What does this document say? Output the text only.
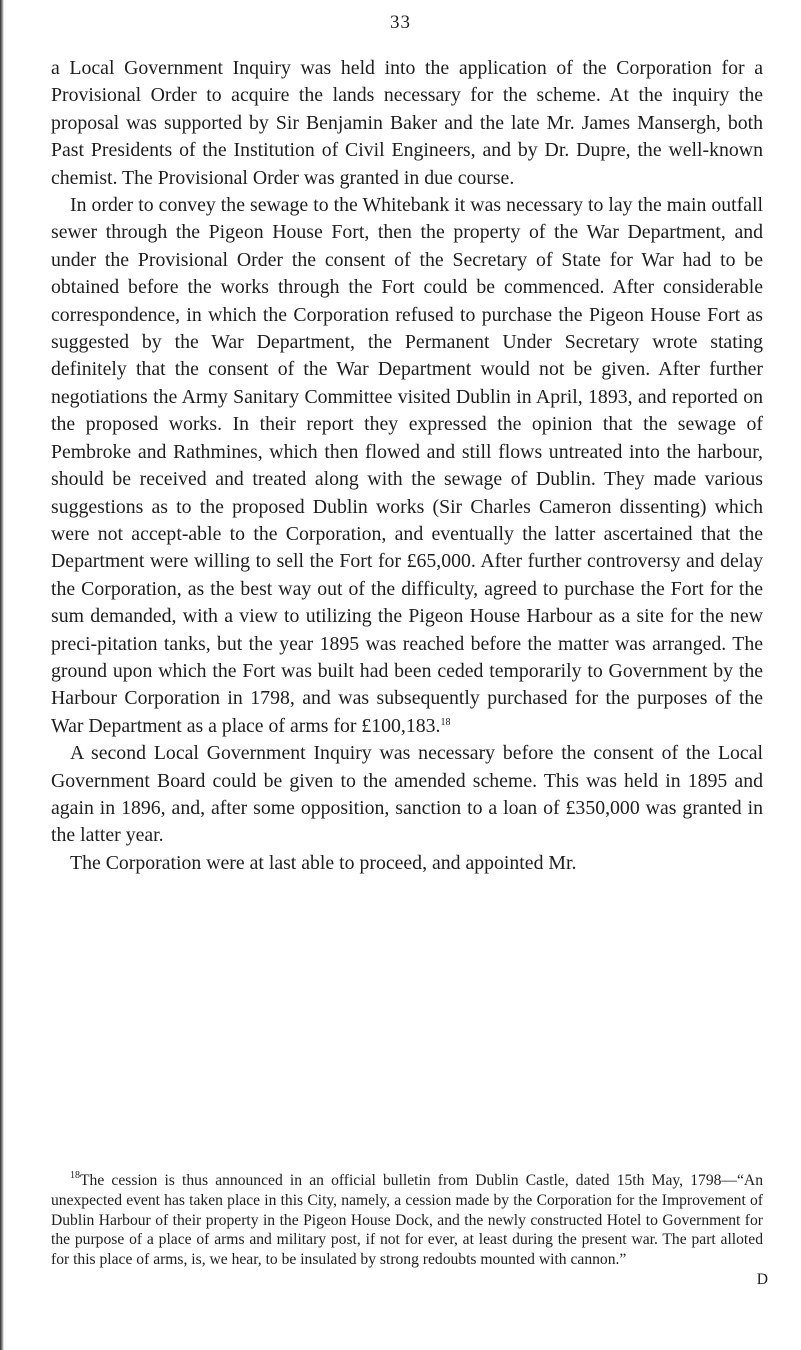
33

a Local Government Inquiry was held into the application of the Corporation for a Provisional Order to acquire the lands necessary for the scheme. At the inquiry the proposal was supported by Sir Benjamin Baker and the late Mr. James Mansergh, both Past Presidents of the Institution of Civil Engineers, and by Dr. Dupre, the well-known chemist. The Provisional Order was granted in due course.

In order to convey the sewage to the Whitebank it was necessary to lay the main outfall sewer through the Pigeon House Fort, then the property of the War Department, and under the Provisional Order the consent of the Secretary of State for War had to be obtained before the works through the Fort could be commenced. After considerable correspondence, in which the Corporation refused to purchase the Pigeon House Fort as suggested by the War Department, the Permanent Under Secretary wrote stating definitely that the consent of the War Department would not be given. After further negotiations the Army Sanitary Committee visited Dublin in April, 1893, and reported on the proposed works. In their report they expressed the opinion that the sewage of Pembroke and Rathmines, which then flowed and still flows untreated into the harbour, should be received and treated along with the sewage of Dublin. They made various suggestions as to the proposed Dublin works (Sir Charles Cameron dissenting) which were not accept-able to the Corporation, and eventually the latter ascertained that the Department were willing to sell the Fort for £65,000. After further controversy and delay the Corporation, as the best way out of the difficulty, agreed to purchase the Fort for the sum demanded, with a view to utilizing the Pigeon House Harbour as a site for the new preci-pitation tanks, but the year 1895 was reached before the matter was arranged. The ground upon which the Fort was built had been ceded temporarily to Government by the Harbour Corporation in 1798, and was subsequently purchased for the purposes of the War Department as a place of arms for £100,183.18

A second Local Government Inquiry was necessary before the consent of the Local Government Board could be given to the amended scheme. This was held in 1895 and again in 1896, and, after some opposition, sanction to a loan of £350,000 was granted in the latter year.

The Corporation were at last able to proceed, and appointed Mr.

$^{18}$The cession is thus announced in an official bulletin from Dublin Castle, dated 15th May, 1798—“An unexpected event has taken place in this City, namely, a cession made by the Corporation for the Improvement of Dublin Harbour of their property in the Pigeon House Dock, and the newly constructed Hotel to Government for the purpose of a place of arms and military post, if not for ever, at least during the present war. The part alloted for this place of arms, is, we hear, to be insulated by strong redoubts mounted with cannon.”

D
